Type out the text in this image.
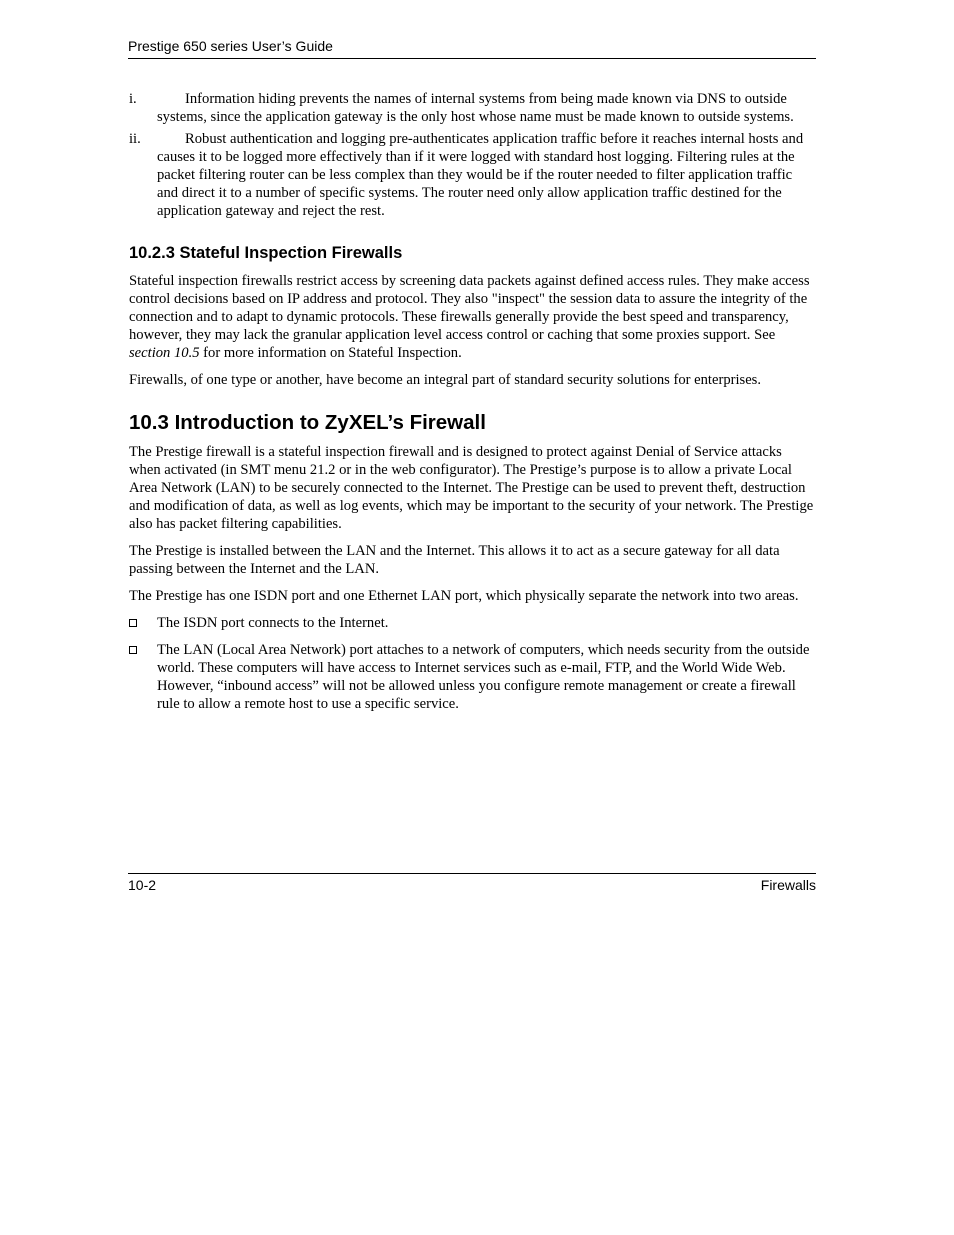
Prestige 650 series User’s Guide
i.	Information hiding prevents the names of internal systems from being made known via DNS to outside systems, since the application gateway is the only host whose name must be made known to outside systems.
ii.	Robust authentication and logging pre-authenticates application traffic before it reaches internal hosts and causes it to be logged more effectively than if it were logged with standard host logging. Filtering rules at the packet filtering router can be less complex than they would be if the router needed to filter application traffic and direct it to a number of specific systems. The router need only allow application traffic destined for the application gateway and reject the rest.
10.2.3 Stateful Inspection Firewalls

Stateful inspection firewalls restrict access by screening data packets against defined access rules. They make access control decisions based on IP address and protocol. They also "inspect" the session data to assure the integrity of the connection and to adapt to dynamic protocols. These firewalls generally provide the best speed and transparency, however, they may lack the granular application level access control or caching that some proxies support. See section 10.5 for more information on Stateful Inspection.

Firewalls, of one type or another, have become an integral part of standard security solutions for enterprises.

10.3 Introduction to ZyXEL’s Firewall

The Prestige firewall is a stateful inspection firewall and is designed to protect against Denial of Service attacks when activated (in SMT menu 21.2 or in the web configurator). The Prestige’s purpose is to allow a private Local Area Network (LAN) to be securely connected to the Internet. The Prestige can be used to prevent theft, destruction and modification of data, as well as log events, which may be important to the security of your network. The Prestige also has packet filtering capabilities.

The Prestige is installed between the LAN and the Internet. This allows it to act as a secure gateway for all data passing between the Internet and the LAN.

The Prestige has one ISDN port and one Ethernet LAN port, which physically separate the network into two areas.

The ISDN port connects to the Internet.
The LAN (Local Area Network) port attaches to a network of computers, which needs security from the outside world. These computers will have access to Internet services such as e-mail, FTP, and the World Wide Web. However, “inbound access” will not be allowed unless you configure remote management or create a firewall rule to allow a remote host to use a specific service.
10-2	Firewalls
